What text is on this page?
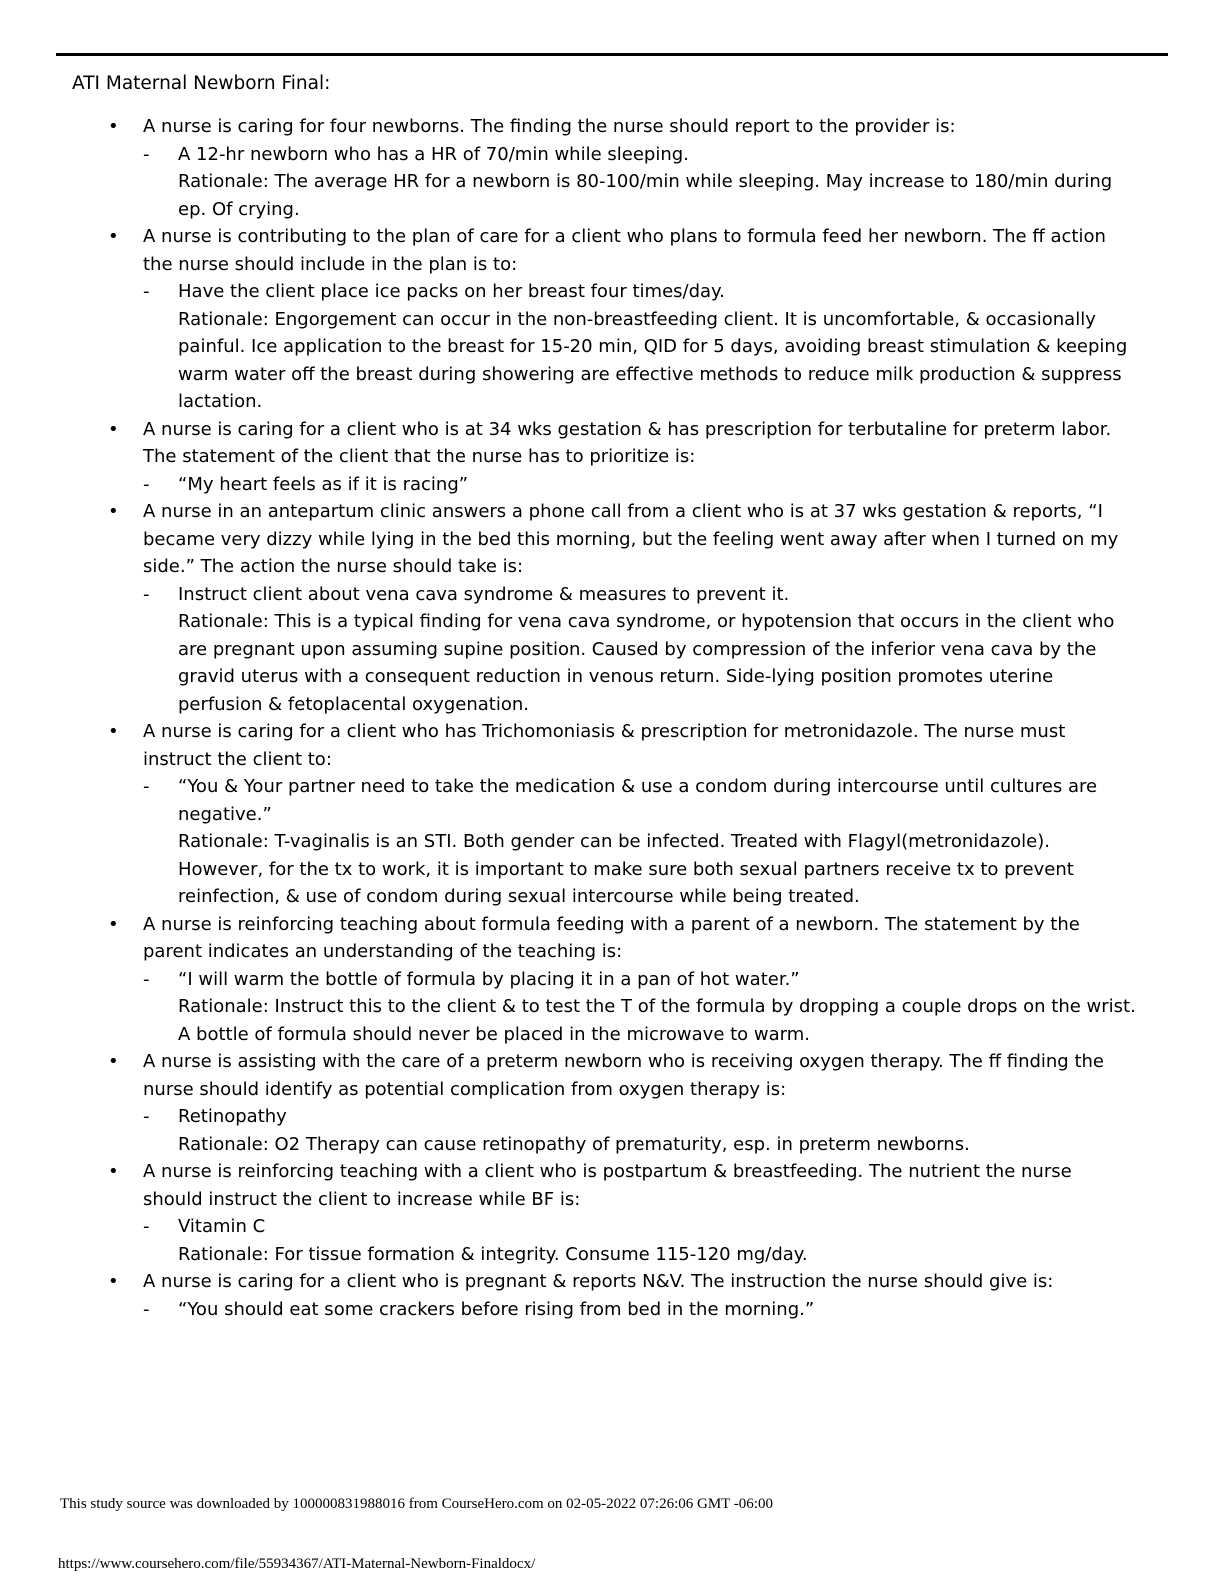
ATI Maternal Newborn Final:
•	A nurse is caring for four newborns. The finding the nurse should report to the provider is:
-	A 12-hr newborn who has a HR of 70/min while sleeping.
Rationale: The average HR for a newborn is 80-100/min while sleeping. May increase to 180/min during ep. Of crying.
•	A nurse is contributing to the plan of care for a client who plans to formula feed her newborn. The ff action the nurse should include in the plan is to:
-	Have the client place ice packs on her breast four times/day.
Rationale: Engorgement can occur in the non-breastfeeding client. It is uncomfortable, & occasionally painful. Ice application to the breast for 15-20 min, QID for 5 days, avoiding breast stimulation & keeping warm water off the breast during showering are effective methods to reduce milk production & suppress lactation.
•	A nurse is caring for a client who is at 34 wks gestation & has prescription for terbutaline for preterm labor. The statement of the client that the nurse has to prioritize is:
-	“My heart feels as if it is racing”
•	A nurse in an antepartum clinic answers a phone call from a client who is at 37 wks gestation & reports, “I became very dizzy while lying in the bed this morning, but the feeling went away after when I turned on my side.” The action the nurse should take is:
-	Instruct client about vena cava syndrome & measures to prevent it.
Rationale: This is a typical finding for vena cava syndrome, or hypotension that occurs in the client who are pregnant upon assuming supine position. Caused by compression of the inferior vena cava by the gravid uterus with a consequent reduction in venous return. Side-lying position promotes uterine perfusion & fetoplacental oxygenation.
•	A nurse is caring for a client who has Trichomoniasis & prescription for metronidazole. The nurse must instruct the client to:
-	“You & Your partner need to take the medication & use a condom during intercourse until cultures are negative.”
Rationale: T-vaginalis is an STI. Both gender can be infected. Treated with Flagyl(metronidazole). However, for the tx to work, it is important to make sure both sexual partners receive tx to prevent reinfection, & use of condom during sexual intercourse while being treated.
•	A nurse is reinforcing teaching about formula feeding with a parent of a newborn. The statement by the parent indicates an understanding of the teaching is:
-	“I will warm the bottle of formula by placing it in a pan of hot water.”
Rationale: Instruct this to the client & to test the T of the formula by dropping a couple drops on the wrist. A bottle of formula should never be placed in the microwave to warm.
•	A nurse is assisting with the care of a preterm newborn who is receiving oxygen therapy. The ff finding the nurse should identify as potential complication from oxygen therapy is:
-	Retinopathy
Rationale: O2 Therapy can cause retinopathy of prematurity, esp. in preterm newborns.
•	A nurse is reinforcing teaching with a client who is postpartum & breastfeeding. The nutrient the nurse should instruct the client to increase while BF is:
-	Vitamin C
Rationale: For tissue formation & integrity. Consume 115-120 mg/day.
•	A nurse is caring for a client who is pregnant & reports N&V. The instruction the nurse should give is:
-	“You should eat some crackers before rising from bed in the morning.”
This study source was downloaded by 100000831988016 from CourseHero.com on 02-05-2022 07:26:06 GMT -06:00
https://www.coursehero.com/file/55934367/ATI-Maternal-Newborn-Finaldocx/
